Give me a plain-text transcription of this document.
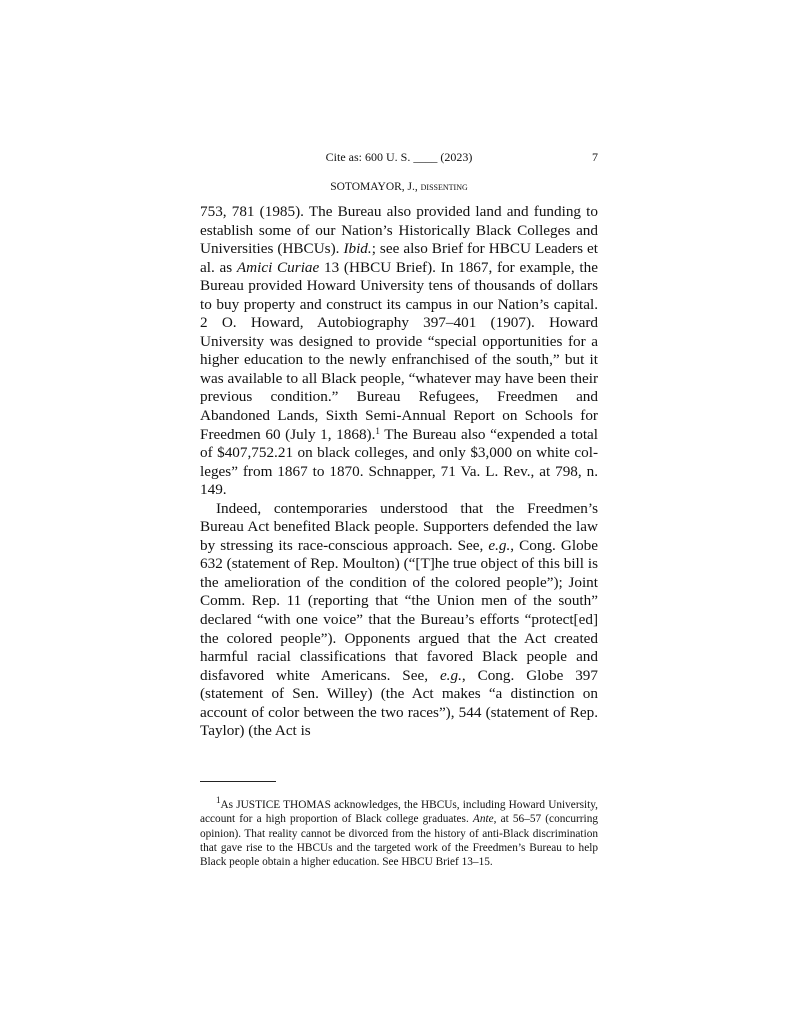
Cite as: 600 U. S. ____ (2023)	7
SOTOMAYOR, J., dissenting

753, 781 (1985). The Bureau also provided land and funding to establish some of our Nation’s Historically Black Colleges and Universities (HBCUs). Ibid.; see also Brief for HBCU Leaders et al. as Amici Curiae 13 (HBCU Brief). In 1867, for example, the Bureau provided Howard University tens of thousands of dollars to buy property and construct its campus in our Nation’s capital. 2 O. Howard, Autobiography 397–401 (1907). Howard University was designed to provide “special opportunities for a higher education to the newly enfranchised of the south,” but it was available to all Black people, “whatever may have been their previous condition.” Bureau Refugees, Freedmen and Abandoned Lands, Sixth Semi-Annual Report on Schools for Freedmen 60 (July 1, 1868).$^1$ The Bureau also “expended a total of $407,752.21 on black colleges, and only $3,000 on white colleges” from 1867 to 1870. Schnapper, 71 Va. L. Rev., at 798, n. 149.

Indeed, contemporaries understood that the Freedmen’s Bureau Act benefited Black people. Supporters defended the law by stressing its race-conscious approach. See, e.g., Cong. Globe 632 (statement of Rep. Moulton) (“[T]he true object of this bill is the amelioration of the condition of the colored people”); Joint Comm. Rep. 11 (reporting that “the Union men of the south” declared “with one voice” that the Bureau’s efforts “protect[ed] the colored people”). Opponents argued that the Act created harmful racial classifications that favored Black people and disfavored white Americans. See, e.g., Cong. Globe 397 (statement of Sen. Willey) (the Act makes “a distinction on account of color between the two races”), 544 (statement of Rep. Taylor) (the Act is

$^1$As JUSTICE THOMAS acknowledges, the HBCUs, including Howard University, account for a high proportion of Black college graduates. Ante, at 56–57 (concurring opinion). That reality cannot be divorced from the history of anti-Black discrimination that gave rise to the HBCUs and the targeted work of the Freedmen’s Bureau to help Black people obtain a higher education. See HBCU Brief 13–15.
